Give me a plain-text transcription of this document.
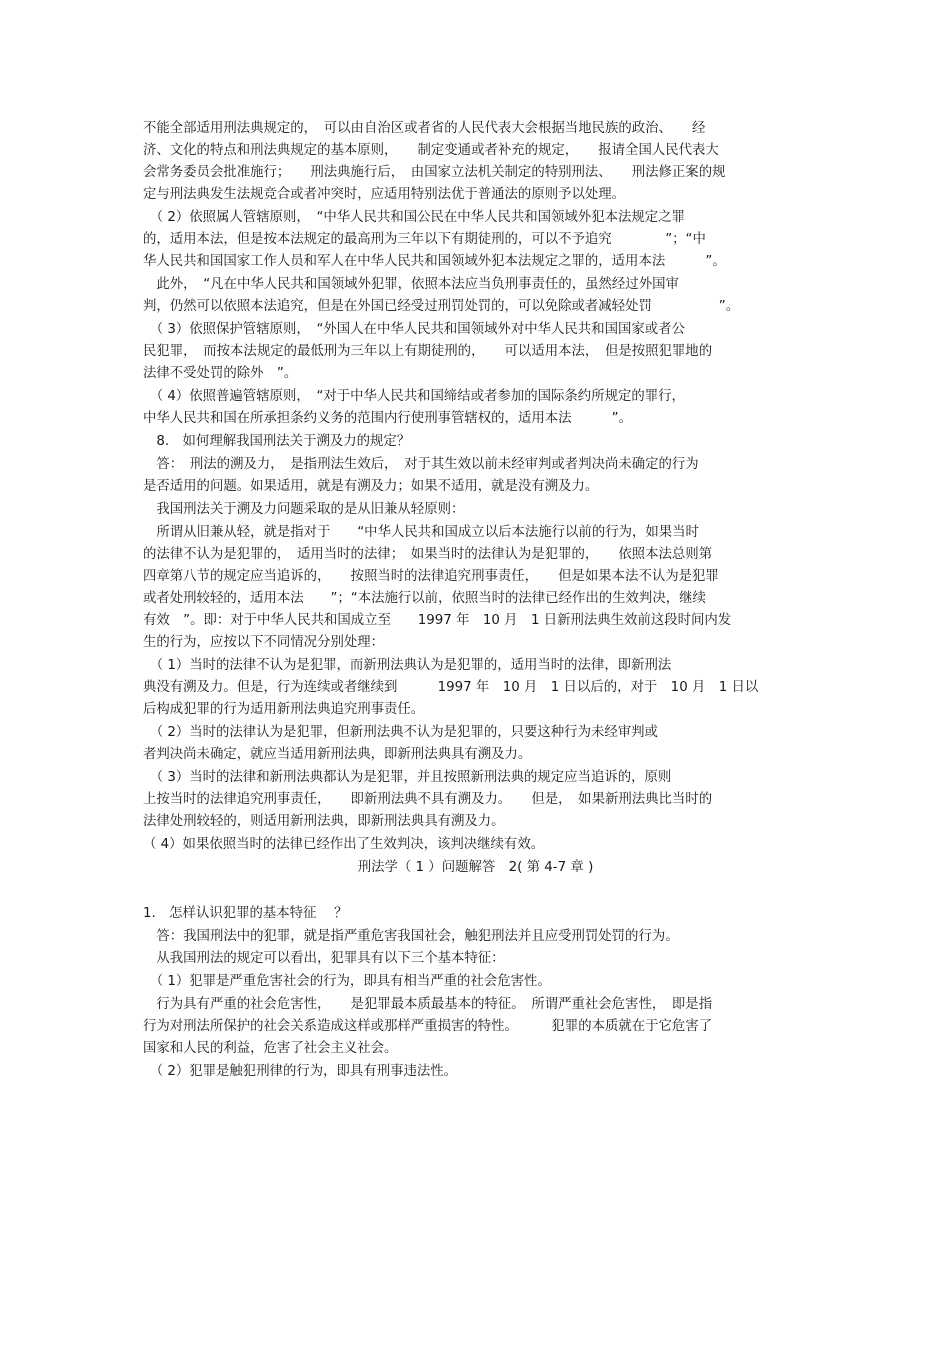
不能全部适用刑法典规定的，　可以由自治区或者省的人民代表大会根据当地民族的政治、　　经
济、文化的特点和刑法典规定的基本原则，　　制定变通或者补充的规定，　　报请全国人民代表大
会常务委员会批准施行；　　刑法典施行后，　由国家立法机关制定的特别刑法、　　刑法修正案的规
定与刑法典发生法规竞合或者冲突时，应适用特别法优于普通法的原则予以处理。
　（ 2）依照属人管辖原则，　“中华人民共和国公民在中华人民共和国领域外犯本法规定之罪
的，适用本法，但是按本法规定的最高刑为三年以下有期徒刑的，可以不予追究　　　　”；“中
华人民共和国国家工作人员和军人在中华人民共和国领域外犯本法规定之罪的，适用本法　　　”。
　此外，　“凡在中华人民共和国领域外犯罪，依照本法应当负刑事责任的，虽然经过外国审
判，仍然可以依照本法追究，但是在外国已经受过刑罚处罚的，可以免除或者减轻处罚　　　　　”。
　（ 3）依照保护管辖原则，　“外国人在中华人民共和国领域外对中华人民共和国国家或者公
民犯罪，　而按本法规定的最低刑为三年以上有期徒刑的，　　可以适用本法，　但是按照犯罪地的
法律不受处罚的除外　”。
　（ 4）依照普遍管辖原则，　“对于中华人民共和国缔结或者参加的国际条约所规定的罪行，
中华人民共和国在所承担条约义务的范围内行使刑事管辖权的，适用本法　　　”。
　8.　如何理解我国刑法关于溯及力的规定？
　答：　刑法的溯及力，　是指刑法生效后，　对于其生效以前未经审判或者判决尚未确定的行为
是否适用的问题。如果适用，就是有溯及力；如果不适用，就是没有溯及力。
　我国刑法关于溯及力问题采取的是从旧兼从轻原则：
　所谓从旧兼从轻，就是指对于　　“中华人民共和国成立以后本法施行以前的行为，如果当时
的法律不认为是犯罪的，　适用当时的法律；　如果当时的法律认为是犯罪的，　　依照本法总则第
四章第八节的规定应当追诉的，　　按照当时的法律追究刑事责任，　　但是如果本法不认为是犯罪
或者处刑较轻的，适用本法　　”；“本法施行以前，依照当时的法律已经作出的生效判决，继续
有效　”。即：对于中华人民共和国成立至　　1997 年　10 月　1 日新刑法典生效前这段时间内发
生的行为，应按以下不同情况分别处理：
　（ 1）当时的法律不认为是犯罪，而新刑法典认为是犯罪的，适用当时的法律，即新刑法
典没有溯及力。但是，行为连续或者继续到　　　1997 年　10 月　1 日以后的，对于　10 月　1 日以
后构成犯罪的行为适用新刑法典追究刑事责任。
　（ 2）当时的法律认为是犯罪，但新刑法典不认为是犯罪的，只要这种行为未经审判或
者判决尚未确定，就应当适用新刑法典，即新刑法典具有溯及力。
　（ 3）当时的法律和新刑法典都认为是犯罪，并且按照新刑法典的规定应当追诉的，原则
上按当时的法律追究刑事责任，　　即新刑法典不具有溯及力。　　但是，　如果新刑法典比当时的
法律处刑较轻的，则适用新刑法典，即新刑法典具有溯及力。
（ 4）如果依照当时的法律已经作出了生效判决，该判决继续有效。
刑法学（ 1 ）问题解答　2( 第 4-7 章 )
1.　怎样认识犯罪的基本特征　 ？
　答：我国刑法中的犯罪，就是指严重危害我国社会，触犯刑法并且应受刑罚处罚的行为。
　从我国刑法的规定可以看出，犯罪具有以下三个基本特征：
　（ 1）犯罪是严重危害社会的行为，即具有相当严重的社会危害性。
　行为具有严重的社会危害性，　　是犯罪最本质最基本的特征。　所谓严重社会危害性，　即是指
行为对刑法所保护的社会关系造成这样或那样严重损害的特性。　　　犯罪的本质就在于它危害了
国家和人民的利益，危害了社会主义社会。
　（ 2）犯罪是触犯刑律的行为，即具有刑事违法性。
